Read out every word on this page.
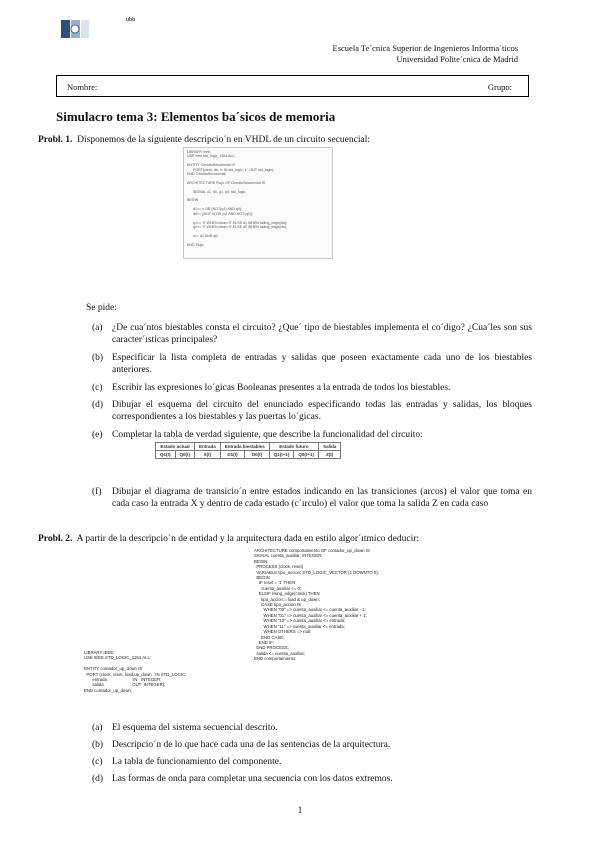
ubb
Escuela Te´cnica Superior de Ingenieros Informa´ticos
Universidad Polite´cnica de Madrid
Nombre:	Grupo:
Simulacro tema 3: Elementos ba´sicos de memoria
Probl. 1. Disponemos de la siguiente descripcio´n en VHDL de un circuito secuencial:
LIBRARY ieee;
USE ieee.std_logic_1164.ALL;

ENTITY CircuitoSecuencial IS
PORT(clear, clk, x: IN std_logic; z : OUT std_logic);
END CircuitoSecuencial;

ARCHITECTURE Flujo OF CircuitoSecuencial IS

SIGNAL d1, d0, q1, q0: std_logic;

BEGIN

d1<= x OR (NOT(q1) AND q0);
d0<= (NOT x) OR (q1 AND NOT(q0));

q1<= '0' WHEN clear='0' ELSE d1 WHEN falling_edge(clk);
q0<= '0' WHEN clear='0' ELSE d0 WHEN falling_edge(clk);

z<= q1 AND q0;

END Flujo;
Se pide:
(a) ¿De cua´ntos biestables consta el circuito? ¿Que´ tipo de biestables implementa el co´digo? ¿Cua´les son sus caracter´ısticas principales?
(b) Especificar la lista completa de entradas y salidas que poseen exactamente cada uno de los biestables anteriores.
(c) Escribir las expresiones lo´gicas Booleanas presentes a la entrada de todos los biestables.
(d) Dibujar el esquema del circuito del enunciado especificando todas las entradas y salidas, los bloques correspondientes a los biestables y las puertas lo´gicas.
(e) Completar la tabla de verdad siguiente, que describe la funcionalidad del circuito:
(f) Dibujar el diagrama de transicio´n entre estados indicando en las transiciones (arcos) el valor que toma en cada caso la entrada X y dentro de cada estado (c´ırculo) el valor que toma la salida Z en cada caso
Estado actual		Entrada	Entrada biestables		Estado futuro		Salida
Q1(t)	Q0(t)	X(t)	D1(t)	D0(t)	Q1(t+1)	Q0(t+1)	Z(t)
Probl. 2. A partir de la descripcio´n de entidad y la arquitectura dada en estilo algor´ıtmico deducir:
ARCHITECTURE comportamiento OF contador_up_down IS
SIGNAL cuenta_auxiliar: INTEGER;
BEGIN
PROCESS (clock, reset)
VARIABLE tipo_accion: STD_LOGIC_VECTOR (1 DOWNTO 0);
BEGIN
IF reset = '1' THEN
cuenta_auxiliar <= 0;
ELSIF rising_edge(clock) THEN
tipo_accion:= load & up_down;
CASE tipo_accion IS
WHEN "00" => cuenta_auxiliar <= cuenta_auxiliar - 1;
WHEN "01" => cuenta_auxiliar <= cuenta_auxiliar + 1;
WHEN "10" => cuenta_auxiliar <= entrada;
WHEN "11" => cuenta_auxiliar <= entrada;
WHEN OTHERS => null;
END CASE;
END IF;
END PROCESS;
salida <= cuenta_auxiliar;
END comportamiento;
LIBRARY IEEE;
USE IEEE.STD_LOGIC_1164.ALL;

ENTITY contador_up_down IS
PORT (clock, reset, load,up_down  :IN STD_LOGIC;
entrada                     :IN   INTEGER;
salida                      : OUT  INTEGER);
END contador_up_down;
(a) El esquema del sistema secuencial descrito.
(b) Descripcio´n de lo que hace cada una de las sentencias de la arquitectura.
(c) La tabla de funcionamiento del componente.
(d) Las formas de onda para completar una secuencia con los datos extremos.
1
